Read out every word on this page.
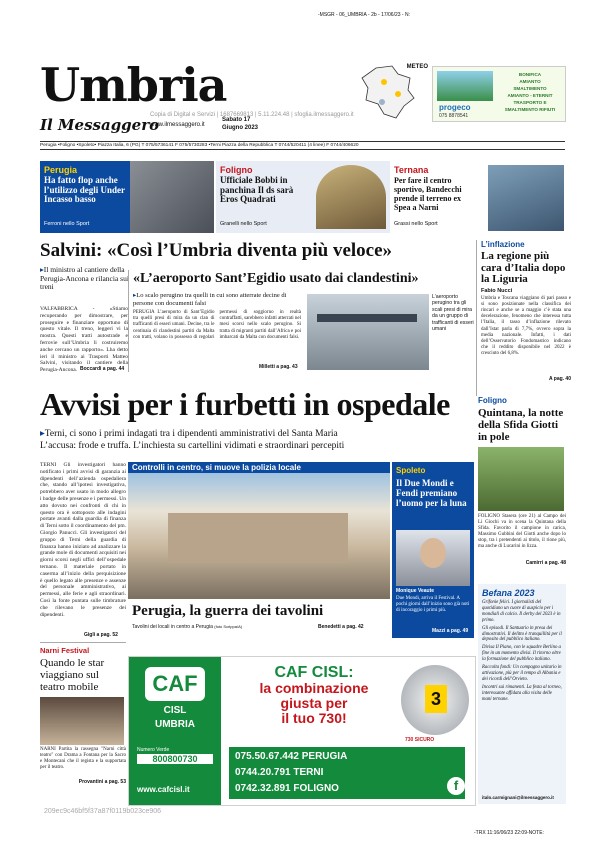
-MSGR - 06_UMBRIA - 2b - 17/06/23 - N:
Umbria
Il Messaggero
www.ilmessaggero.it
Sabato 17
Giugno 2023
Copia di Digital e Servizi | 1687669813 | 5.11.224.48 | sfoglia.ilmessaggero.it
METEO
progeco
075 8878541
BONIFICA
AMIANTO
SMALTIMENTO
AMIANTO - ETERNIT
TRASPORTO E
SMALTIMENTO RIFIUTI
Perugia •Foligno •Spoleto• Piazza Italia, 6 (PG) T 075/5736141 F 075/5730283 •Terni Piazza della Repubblica T 0744/520411 (4 linee) F 0744/406620
Perugia
Ha fatto flop anche l’utilizzo degli Under Incasso basso
Ferroni nello Sport
Foligno
Ufficiale Bobbi in panchina Il ds sarà Eros Quadrati
Granelli nello Sport
Ternana
Per fare il centro sportivo, Bandecchi prende il terreno ex Spea a Narni
Grassi nello Sport
Salvini: «Così l’Umbria diventa più veloce»
▸Il ministro al cantiere della Perugia-Ancona e rilancia sui treni
VALFABBRICA - «Stiamo recuperando per dimostrare, per proseguire e finanziare opportuno di questo vitale. Il treno, leggeri vi la mostra. Questi tratti autostrade e ferrovie sull’Umbria li costruiremo anche cercano un rapporto». Lha detto ieri il ministro ai Trasporti Matteo Salvini, visitando il cantiere della Perugia-Ancona. Boccardi a pag. 44
«L’aeroporto Sant’Egidio usato dai clandestini»
▸Lo scalo perugino tra quelli in cui sono atterrate decine di persone con documenti falsi
PERUGIA L’aeroporto di Sant’Egidio tra quelli presi di mira da un clan di trafficanti di esseri umani. Decine, tra le centinaia di clandestini partiti da Malta con tratti, volano in possesso di regolari permessi di soggiorno in realtà contraffatti, sarebbero infatti atterrati nel mesi scorsi nello scalo perugino. Si tratta di migranti partiti dall’Africa e poi imbarcati da Malta con documenti falsi.
Milletti a pag. 43
L’aeroporto perugino tra gli scali presi di mira da un gruppo di trafficanti di esseri umani
L’inflazione
La regione più cara d’Italia dopo la Liguria
Fabio Nucci
Umbria e Toscana viaggiano di pari passo e si sono posizionate nella classifica dei rincari e anche se a maggio c’è stata una decelerazione, fenomeno che interessa tutta l’Italia, il tasso d’inflazione rilevato dall’Istat parla di 7,7%, ovvero sopra la media nazionale. Infatti, i dati dell’Osservatorio Fondomastico indicano che il reddito disponibile nel 2022 è cresciuto del 6,8%.
A pag. 40
Avvisi per i furbetti in ospedale
▸Terni, ci sono i primi indagati tra i dipendenti amministrativi del Santa Maria
L’accusa: frode e truffa. L’inchiesta su cartellini vidimati e straordinari percepiti
TERNI Gli investigatori hanno notificato i primi avvisi di garanzia ai dipendenti dell’azienda ospedaliera che, stando all’ipotesi investigativa, potrebbero aver usato in modo allegro i badge delle presenze e i permessi. Un atto dovuto nei confronti di chi in questo ora è sottoposto alle indagini portate avanti dalla guardia di finanza di Terni sotto il coordinamento del pm. Giorgio Panucci. Gli investigatori del gruppo di Terni della guardia di finanza hanno iniziato ad analizzare la grande mole di documenti acquisiti nei giorni scorsi negli uffici dell’ospedale ternano. Il materiale portato in caserma all’inizio della perquisizione è quello legato alle presenze e assenze del personale amministrativo, ai permessi, alle ferie e agli straordinari. Così la fonte puntata sulle timbrature che rilevano le presenze dei dipendenti.
Gigli a pag. 52
Controlli in centro, si muove la polizia locale
Perugia, la guerra dei tavolini
Tavolini dei locali in centro a Perugia (foto Scrippa/A)	Benedetti a pag. 42
Spoleto
Il Due Mondi e Fendi premiano l’uomo per la luna
Monique Veaute
Due Mondi, arriva il Festival. A pochi giorni dall’inizio sono già noti di incoraggio i primi più.
Mazzi a pag. 49
Foligno
Quintana, la notte della Sfida Giotti in pole
FOLIGNO Stasera (ore 21) al Campo dei Li Giochi va in scena la Quintana della Sfida. Favorito il campione in carica, Massimo Gubbini del Giotti anche dopo lo stop, tra i pretendenti ai titolo, il rione più, ma anche di Lucarini in lizza.
Camirri a pag. 48
Narni Festival
Quando le star viaggiano sul teatro mobile
NARNI Partita la rassegna "Narni città teatro" con Drama a Fontana per la Sacro e Montecani che il regista e la supportata per il teatro.
Provantini a pag. 53
CAF
CISL
UMBRIA
Numero Verde
800800730
www.cafcisl.it
CAF CISL:
la combinazione
giusta per
il tuo 730!
3
730 SICURO
075.50.67.442 PERUGIA
0744.20.791 TERNI
0742.32.891 FOLIGNO	f
Befana 2023

Grifonie felici. I giornalisti del quotidiano un cuore di auspicio per i mondiali di calcio. Il derby del 2023 è in primo.

Gli episodi. Il Santuario in presa dei dimostrativi. Il delitto è tranquillità per il deposito del pubblico italiano.

Divisa Il Piano, con le squadre Berlino a fine in un momento divisi. Il ritorno oltre la formazione del pubblico italiano.

Raccolta fondi: Un compagno unitario in attivazione, più per il tempo di Albania e dei ricordi dell’Orvieto.

Incontri sui rimanenti. La festa al torneo, interessante affidata alla visita delle mani ternane.

italo.carmignani@ilmessaggero.it
209ec9c46bf5f37a87f0119b023ce906
-TRX 11:16/06/23 22:09-NOTE:
